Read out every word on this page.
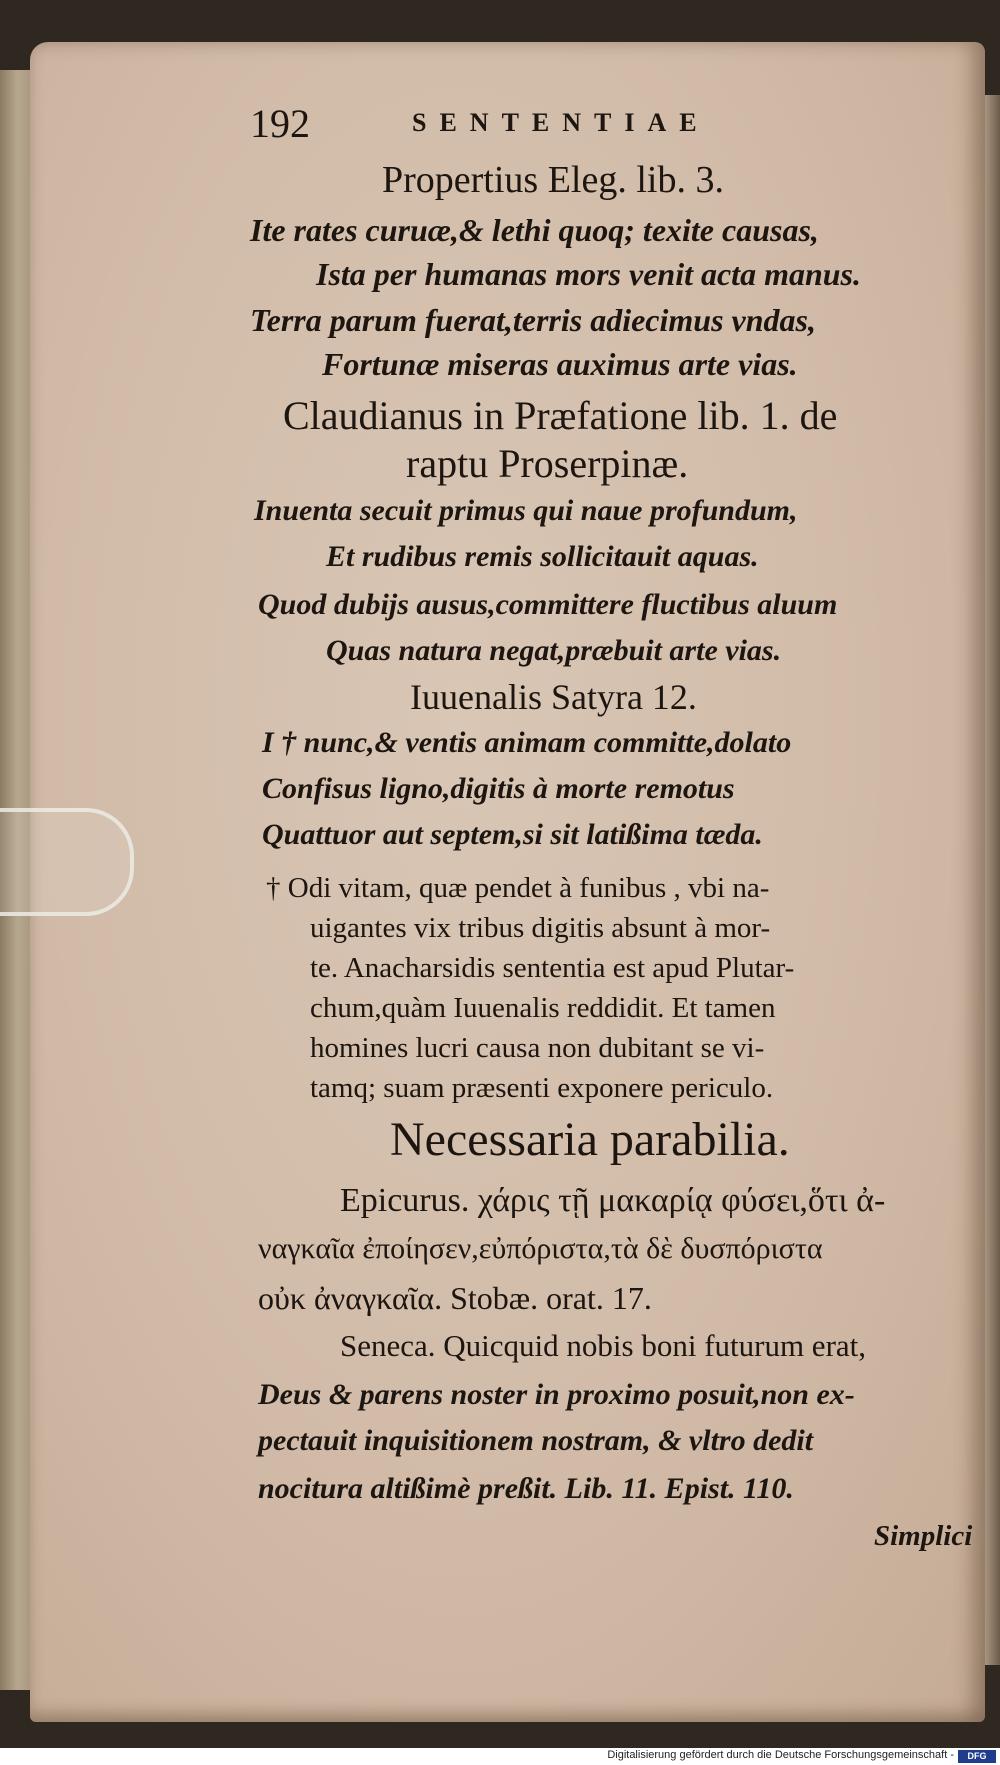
192	SENTENTIAE
Propertius Eleg. lib. 3.
Ite rates curuæ,& lethi quoq; texite causas,
Ista per humanas mors venit acta manus.
Terra parum fuerat,terris adiecimus vndas,
Fortunæ miseras auximus arte vias.
Claudianus in Præfatione lib. 1. de
raptu Proserpinæ.
Inuenta secuit primus qui naue profundum,
Et rudibus remis sollicitauit aquas.
Quod dubijs ausus,committere fluctibus aluum
Quas natura negat,præbuit arte vias.
Iuuenalis Satyra 12.
I † nunc,& ventis animam committe,dolato
Confisus ligno,digitis à morte remotus
Quattuor aut septem,si sit latißima tæda.
† Odi vitam, quæ pendet à funibus , vbi na-
uigantes vix tribus digitis absunt à mor-
te. Anacharsidis sententia est apud Plutar-
chum,quàm Iuuenalis reddidit. Et tamen
homines lucri causa non dubitant se vi-
tamq; suam præsenti exponere periculo.
Necessaria parabilia.
Epicurus. χάρις τῇ μακαρίᾳ φύσει,ὅτι ἀ-
ναγκαῖα ἐποίησεν,εὐπόριστα,τὰ δὲ δυσπόριστα
οὐκ ἀναγκαῖα. Stobæ. orat. 17.
Seneca. Quicquid nobis boni futurum erat,
Deus & parens noster in proximo posuit,non ex-
pectauit inquisitionem nostram, & vltro dedit
nocitura altißimè preßit. Lib. 11. Epist. 110.
Simplici
Digitalisierung gefördert durch die Deutsche Forschungsgemeinschaft -	DFG
